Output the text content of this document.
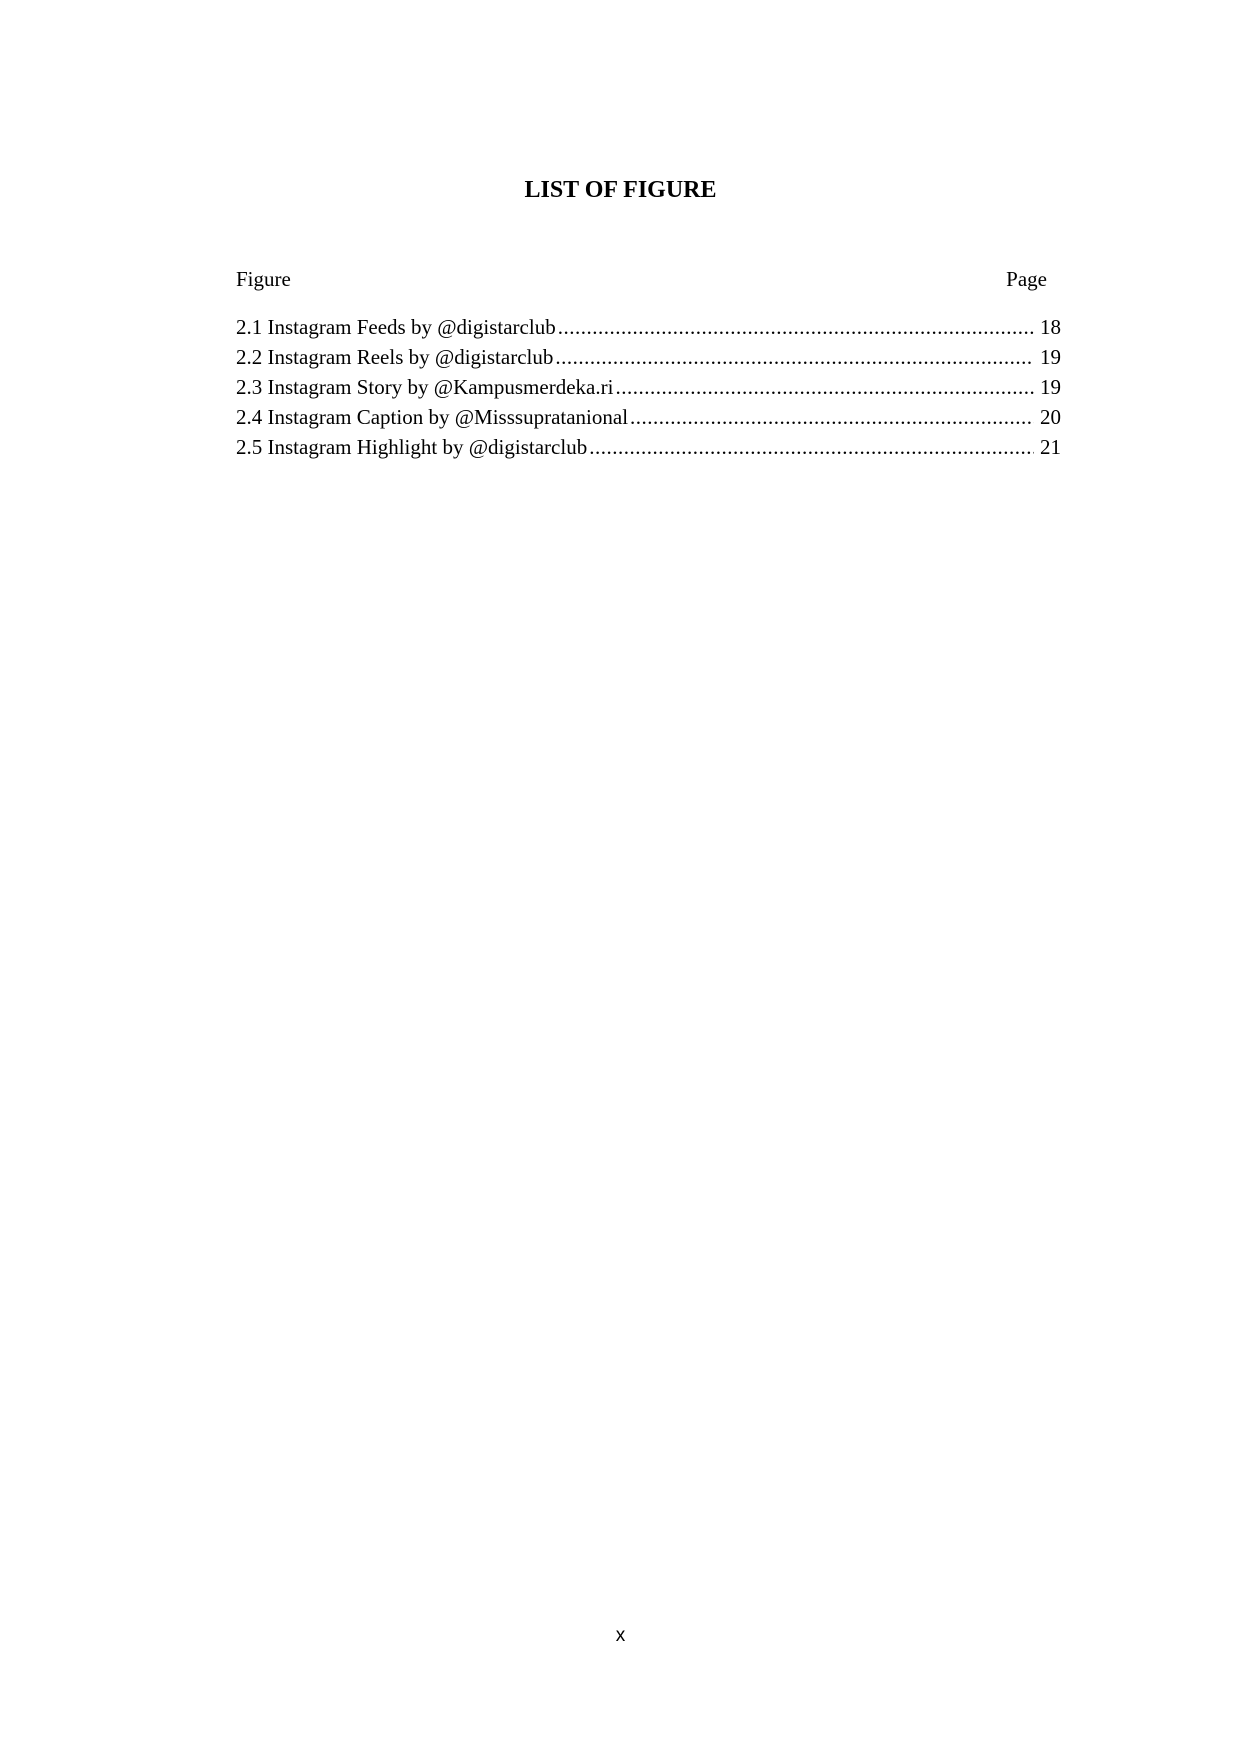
LIST OF FIGURE
Figure	Page
2.1 Instagram Feeds by @digistarclub .....	18
2.2 Instagram Reels by @digistarclub .....	19
2.3 Instagram Story by @Kampusmerdeka.ri .....	19
2.4 Instagram Caption by @Misssupratanional .....	20
2.5 Instagram Highlight by @digistarclub .....	21
x
